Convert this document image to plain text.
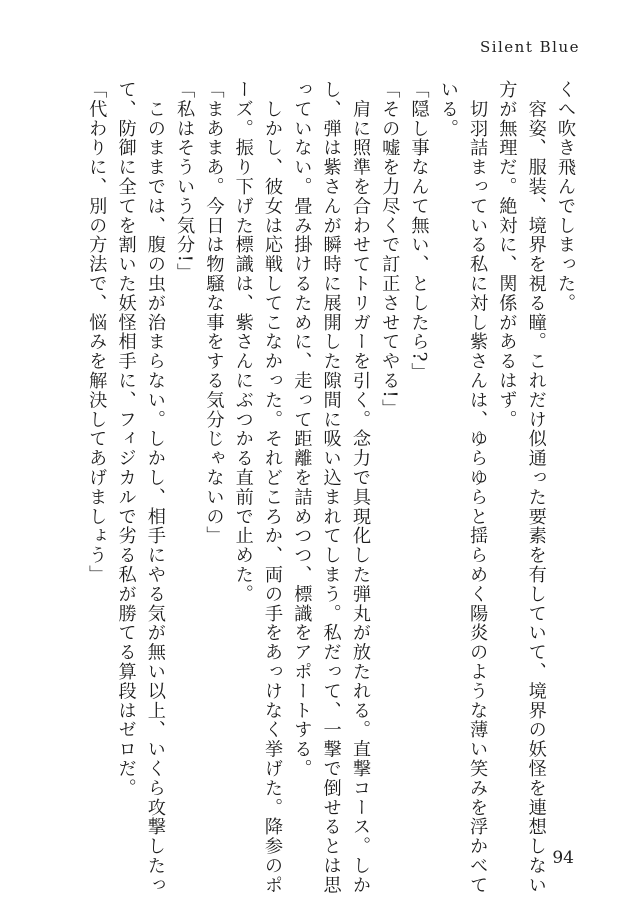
Silent Blue

くへ吹き飛んでしまった。

　容姿、服装、境界を視る瞳。これだけ似通った要素を有していて、境界の妖怪を連想しない

方が無理だ。絶対に、関係があるはず。

　切羽詰まっている私に対し紫さんは、ゆらゆらと揺らめく陽炎のような薄い笑みを浮かべて

いる。

「隠し事なんて無い、としたら?」

「その嘘を力尽くで訂正させてやる!」

　肩に照準を合わせてトリガーを引く。念力で具現化した弾丸が放たれる。直撃コース。しか

し、弾は紫さんが瞬時に展開した隙間に吸い込まれてしまう。私だって、一撃で倒せるとは思

っていない。畳み掛けるために、走って距離を詰めつつ、標識をアポートする。

　しかし、彼女は応戦してこなかった。それどころか、両の手をあっけなく挙げた。降参のポ

ーズ。振り下げた標識は、紫さんにぶつかる直前で止めた。

「まあまあ。今日は物騒な事をする気分じゃないの」

「私はそういう気分!」

　このままでは、腹の虫が治まらない。しかし、相手にやる気が無い以上、いくら攻撃したっ

て、防御に全てを割いた妖怪相手に、フィジカルで劣る私が勝てる算段はゼロだ。

「代わりに、別の方法で、悩みを解決してあげましょう」

94
